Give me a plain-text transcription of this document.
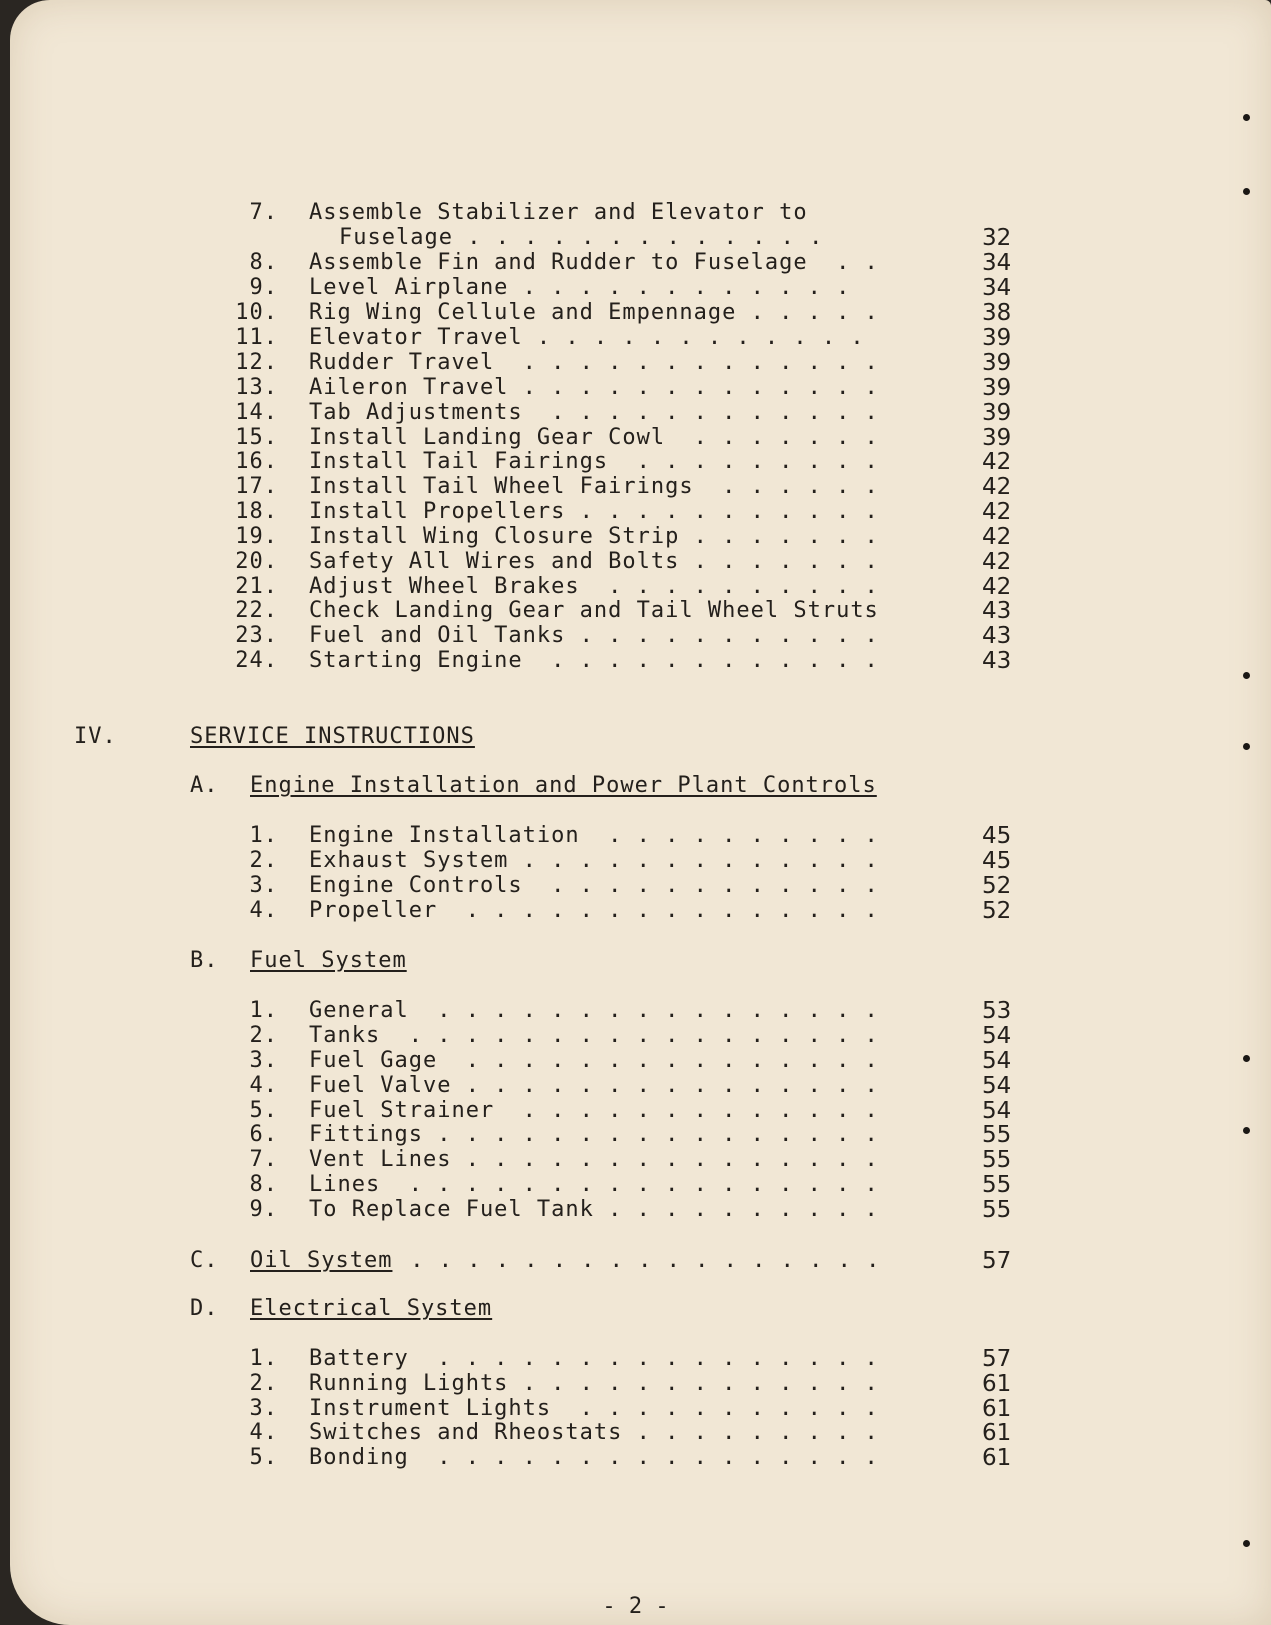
7. Assemble Stabilizer and Elevator to
Fuselage . . . . . . . . . . . . .	32
8. Assemble Fin and Rudder to Fuselage  . .	34
9. Level Airplane . . . . . . . . . . . .	34
10. Rig Wing Cellule and Empennage . . . . .	38
11. Elevator Travel . . . . . . . . . . . .	39
12. Rudder Travel  . . . . . . . . . . . . .	39
13. Aileron Travel . . . . . . . . . . . . .	39
14. Tab Adjustments  . . . . . . . . . . . .	39
15. Install Landing Gear Cowl  . . . . . . .	39
16. Install Tail Fairings  . . . . . . . . .	42
17. Install Tail Wheel Fairings  . . . . . .	42
18. Install Propellers . . . . . . . . . . .	42
19. Install Wing Closure Strip . . . . . . .	42
20. Safety All Wires and Bolts . . . . . . .	42
21. Adjust Wheel Brakes  . . . . . . . . . .	42
22. Check Landing Gear and Tail Wheel Struts	43
23. Fuel and Oil Tanks . . . . . . . . . . .	43
24. Starting Engine  . . . . . . . . . . . .	43
IV.	SERVICE INSTRUCTIONS
A. Engine Installation and Power Plant Controls
1. Engine Installation  . . . . . . . . . .	45
2. Exhaust System . . . . . . . . . . . . .	45
3. Engine Controls  . . . . . . . . . . . .	52
4. Propeller  . . . . . . . . . . . . . . .	52
B. Fuel System
1. General  . . . . . . . . . . . . . . . .	53
2. Tanks  . . . . . . . . . . . . . . . . .	54
3. Fuel Gage  . . . . . . . . . . . . . . .	54
4. Fuel Valve . . . . . . . . . . . . . . .	54
5. Fuel Strainer  . . . . . . . . . . . . .	54
6. Fittings . . . . . . . . . . . . . . . .	55
7. Vent Lines . . . . . . . . . . . . . . .	55
8. Lines  . . . . . . . . . . . . . . . . .	55
9. To Replace Fuel Tank . . . . . . . . . .	55
C. Oil System . . . . . . . . . . . . . . . . .	57
D. Electrical System
1. Battery  . . . . . . . . . . . . . . . .	57
2. Running Lights . . . . . . . . . . . . .	61
3. Instrument Lights  . . . . . . . . . . .	61
4. Switches and Rheostats . . . . . . . . .	61
5. Bonding  . . . . . . . . . . . . . . . .	61
- 2 -
